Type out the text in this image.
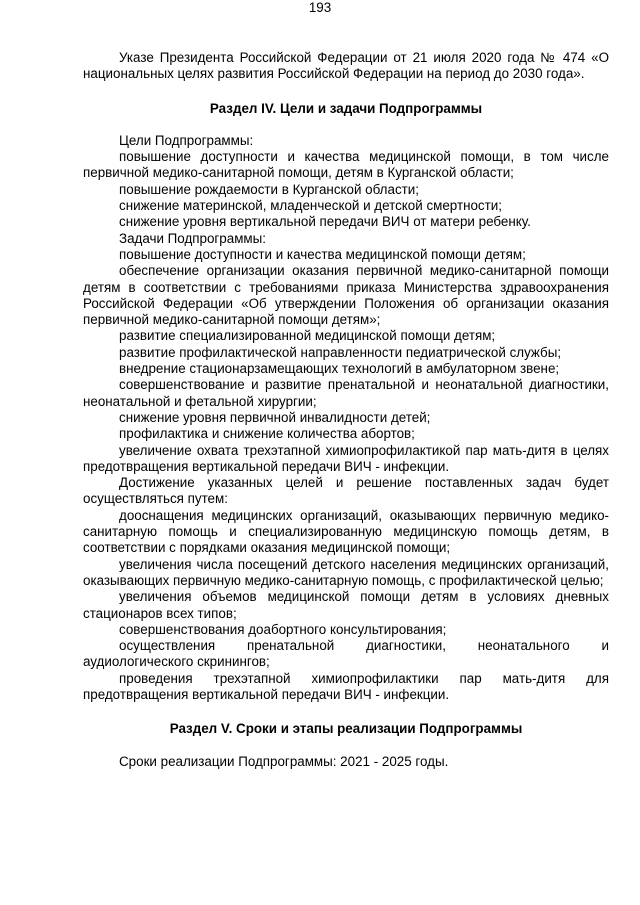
193

Указе Президента Российской Федерации от 21 июля 2020 года № 474 «О национальных целях развития Российской Федерации на период до 2030 года».

Раздел IV. Цели и задачи Подпрограммы

Цели Подпрограммы:

повышение доступности и качества медицинской помощи, в том числе первичной медико-санитарной помощи, детям в Курганской области;

повышение рождаемости в Курганской области;

снижение материнской, младенческой и детской смертности;

снижение уровня вертикальной передачи ВИЧ от матери ребенку.

Задачи Подпрограммы:

повышение доступности и качества медицинской помощи детям;

обеспечение организации оказания первичной медико-санитарной помощи детям в соответствии с требованиями приказа Министерства здравоохранения Российской Федерации «Об утверждении Положения об организации оказания первичной медико-санитарной помощи детям»;

развитие специализированной медицинской помощи детям;

развитие профилактической направленности педиатрической службы;

внедрение стационарзамещающих технологий в амбулаторном звене;

совершенствование и развитие пренатальной и неонатальной диагностики, неонатальной и фетальной хирургии;

снижение уровня первичной инвалидности детей;

профилактика и снижение количества абортов;

увеличение охвата трехэтапной химиопрофилактикой пар мать-дитя в целях предотвращения вертикальной передачи ВИЧ - инфекции.

Достижение указанных целей и решение поставленных задач будет осуществляться путем:

дооснащения медицинских организаций, оказывающих первичную медико-санитарную помощь и специализированную медицинскую помощь детям, в соответствии с порядками оказания медицинской помощи;

увеличения числа посещений детского населения медицинских организаций, оказывающих первичную медико-санитарную помощь, с профилактической целью;

увеличения объемов медицинской помощи детям в условиях дневных стационаров всех типов;

совершенствования доабортного консультирования;

осуществления пренатальной диагностики, неонатального и аудиологического скринингов;

проведения трехэтапной химиопрофилактики пар мать-дитя для предотвращения вертикальной передачи ВИЧ - инфекции.

Раздел V. Сроки и этапы реализации Подпрограммы

Сроки реализации Подпрограммы: 2021 - 2025 годы.
